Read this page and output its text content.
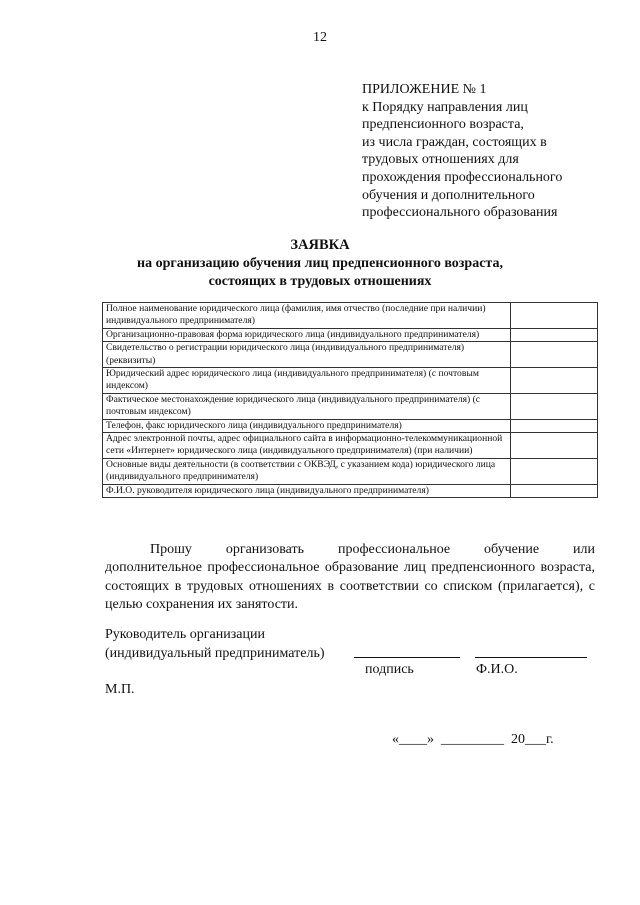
12
ПРИЛОЖЕНИЕ № 1
к Порядку направления лиц
предпенсионного возраста,
из числа граждан, состоящих в
трудовых отношениях для
прохождения профессионального
обучения и дополнительного
профессионального образования
ЗАЯВКА
на организацию обучения лиц предпенсионного возраста,
состоящих в трудовых отношениях
Полное наименование юридического лица (фамилия, имя отчество (последние при наличии) индивидуального предпринимателя)	
Организационно-правовая форма юридического лица (индивидуального предпринимателя)	
Свидетельство о регистрации юридического лица (индивидуального предпринимателя) (реквизиты)	
Юридический адрес юридического лица (индивидуального предпринимателя) (с почтовым индексом)	
Фактическое местонахождение юридического лица (индивидуального предпринимателя) (с почтовым индексом)	
Телефон, факс юридического лица (индивидуального предпринимателя)	
Адрес электронной почты, адрес официального сайта в информационно-телекоммуникационной сети «Интернет» юридического лица (индивидуального предпринимателя) (при наличии)	
Основные виды деятельности (в соответствии с ОКВЭД, с указанием кода) юридического лица (индивидуального предпринимателя)	
Ф.И.О. руководителя юридического лица (индивидуального предпринимателя)	
Прошу организовать профессиональное обучение или
дополнительное профессиональное образование лиц предпенсионного возраста, состоящих в трудовых отношениях в соответствии со списком (прилагается), с целью сохранения их занятости.
Руководитель организации
(индивидуальный предприниматель)
подпись	Ф.И.О.
М.П.
«____»  _________  20___г.
